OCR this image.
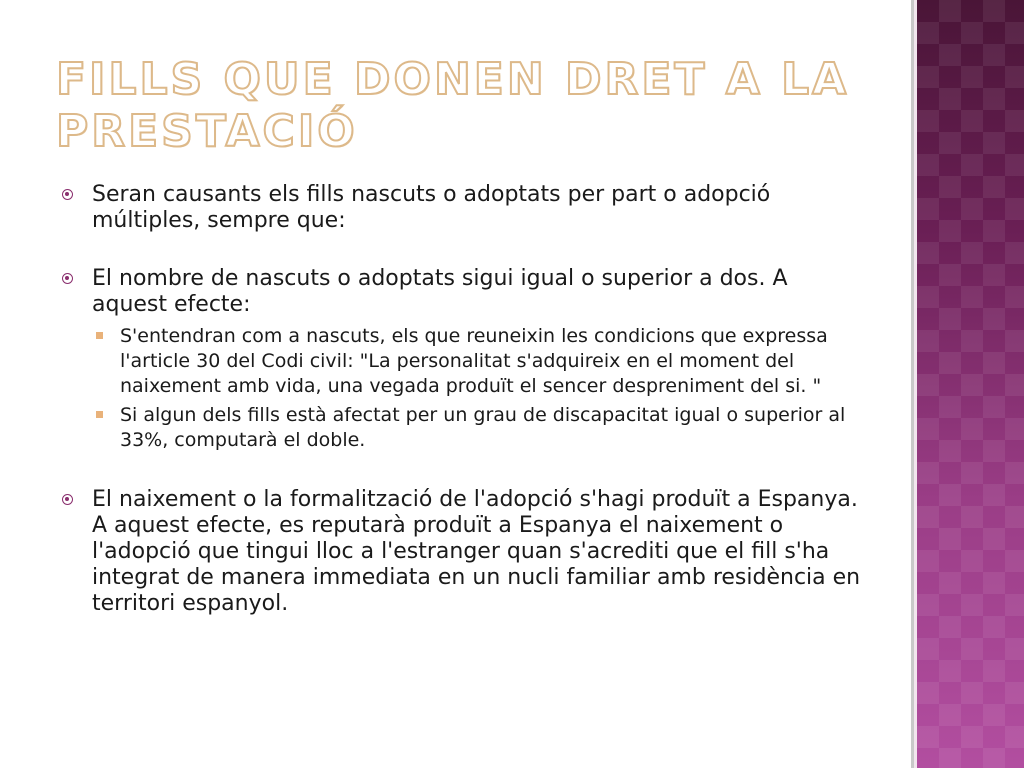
FILLS QUE DONEN DRET A LA PRESTACIÓ
Seran causants els fills nascuts o adoptats per part o adopció múltiples, sempre que:
El nombre de nascuts o adoptats sigui igual o superior a dos. A aquest efecte:
S'entendran com a nascuts, els que reuneixin les condicions que expressa l'article 30 del Codi civil: "La personalitat s'adquireix en el moment del naixement amb vida, una vegada produït el sencer despreniment del si. "
Si algun dels fills està afectat per un grau de discapacitat igual o superior al 33%, computarà el doble.
El naixement o la formalització de l'adopció s'hagi produït a Espanya. A aquest efecte, es reputarà produït a Espanya el naixement o l'adopció que tingui lloc a l'estranger quan s'acrediti que el fill s'ha integrat de manera immediata en un nucli familiar amb residència en territori espanyol.
